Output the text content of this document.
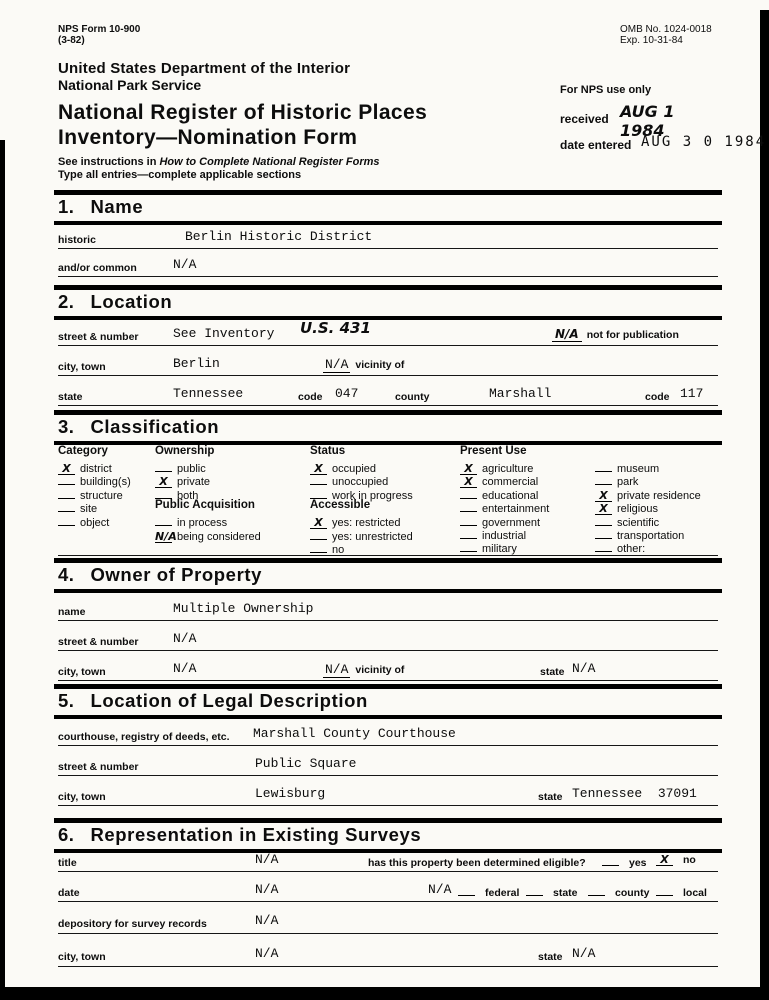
NPS Form 10-900
(3-82)
OMB No. 1024-0018
Exp. 10-31-84
United States Department of the Interior
National Park Service	For NPS use only
National Register of Historic Places	received AUG 1 1984
Inventory—Nomination Form	date entered AUG 3 0 1984
See instructions in How to Complete National Register Forms
Type all entries—complete applicable sections
1. Name
historic	Berlin Historic District
and/or common	N/A
2. Location
street & number	See Inventory U.S. 431	N/A not for publication
city, town	Berlin	N/A vicinity of
state	Tennessee	code 047	county	Marshall	code 117
3. Classification
Category
X district
building(s)
structure
site
object
Ownership
public
X private
both
Public Acquisition
in process
N/Abeing considered
Status
X occupied
unoccupied
work in progress
Accessible
X yes: restricted
yes: unrestricted
no
Present Use
X agriculture
X commercial
educational
entertainment
government
industrial
military
museum
park
X private residence
X religious
scientific
transportation
other:
4. Owner of Property
name	Multiple Ownership
street & number	N/A
city, town	N/A	N/A vicinity of	state N/A
5. Location of Legal Description
courthouse, registry of deeds, etc. Marshall County Courthouse
street & number	Public Square
city, town	Lewisburg	state Tennessee  37091
6. Representation in Existing Surveys
title	N/A	has this property been determined eligible?	yes	X	no
date	N/A	N/A	federal	state	county	local
depository for survey records	N/A
city, town	N/A	state N/A
